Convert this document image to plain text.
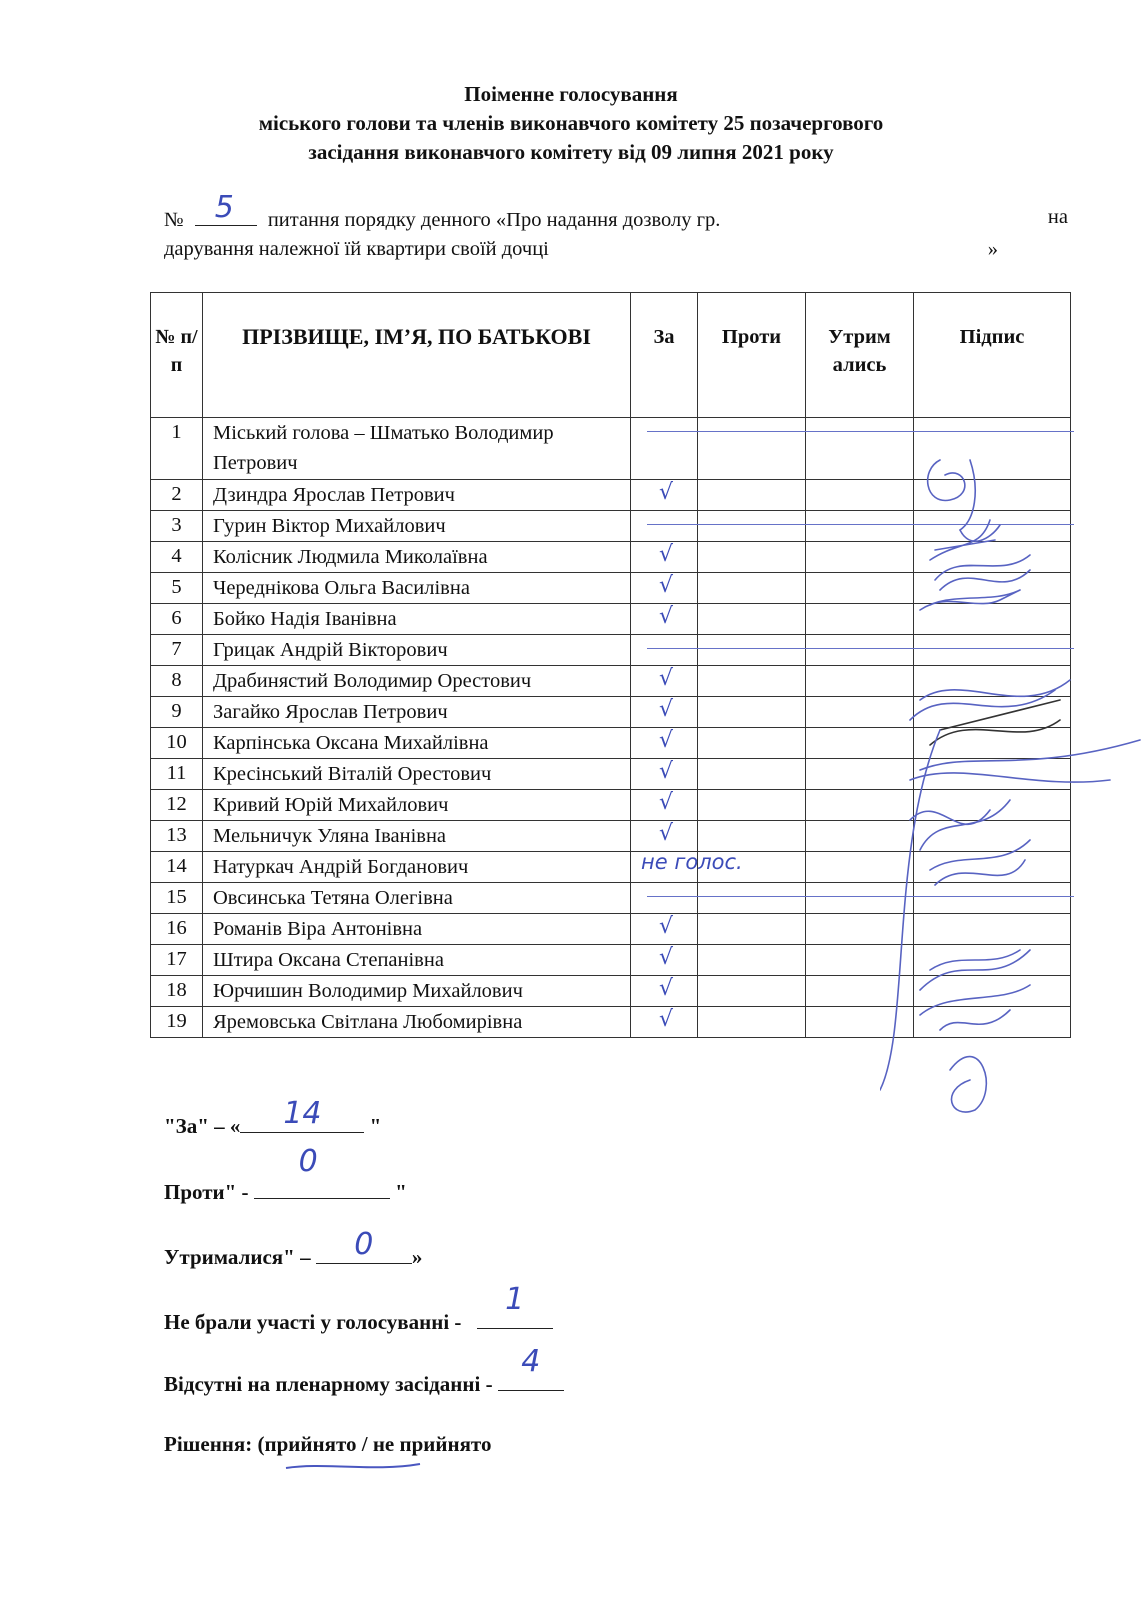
Поіменне голосування
міського голови та членів виконавчого комітету 25 позачергового
засідання виконавчого комітету від 09 липня 2021 року
№ 5 питання порядку денного «Про надання дозволу гр.	на
дарування належної їй квартири своїй дочці	»
№ п/п	ПРІЗВИЩЕ, ІМ’Я, ПО БАТЬКОВІ	За	Проти	Утрим ались	Підпис
1	Міський голова – Шматько Володимир Петрович	

2	Дзиндра Ярослав Петрович	√			

3	Гурин Віктор Михайлович	

4	Колісник Людмила Миколаївна	√			

5	Череднікова Ольга Василівна	√			

6	Бойко Надія Іванівна	√			

7	Грицак Андрій Вікторович	

8	Драбинястий Володимир Орестович	√			

9	Загайко Ярослав Петрович	√			

10	Карпінська Оксана Михайлівна	√			

11	Кресінський Віталій Орестович	√			

12	Кривий Юрій Михайлович	√			

13	Мельничук Уляна Іванівна	√			

14	Натуркач Андрій Богданович	не голос.			

15	Овсинська Тетяна Олегівна	

16	Романів Віра Антонівна	√			

17	Штира Оксана Степанівна	√			

18	Юрчишин Володимир Михайлович	√			

19	Яремовська Світлана Любомирівна	√			

"За" – « 14 "
Проти" -
0
"
Утрималися" – 0 »
Не брали участі у голосуванні -
1
Відсутні на пленарному засіданні -
4
Рішення: (прийнято / не прийнято
